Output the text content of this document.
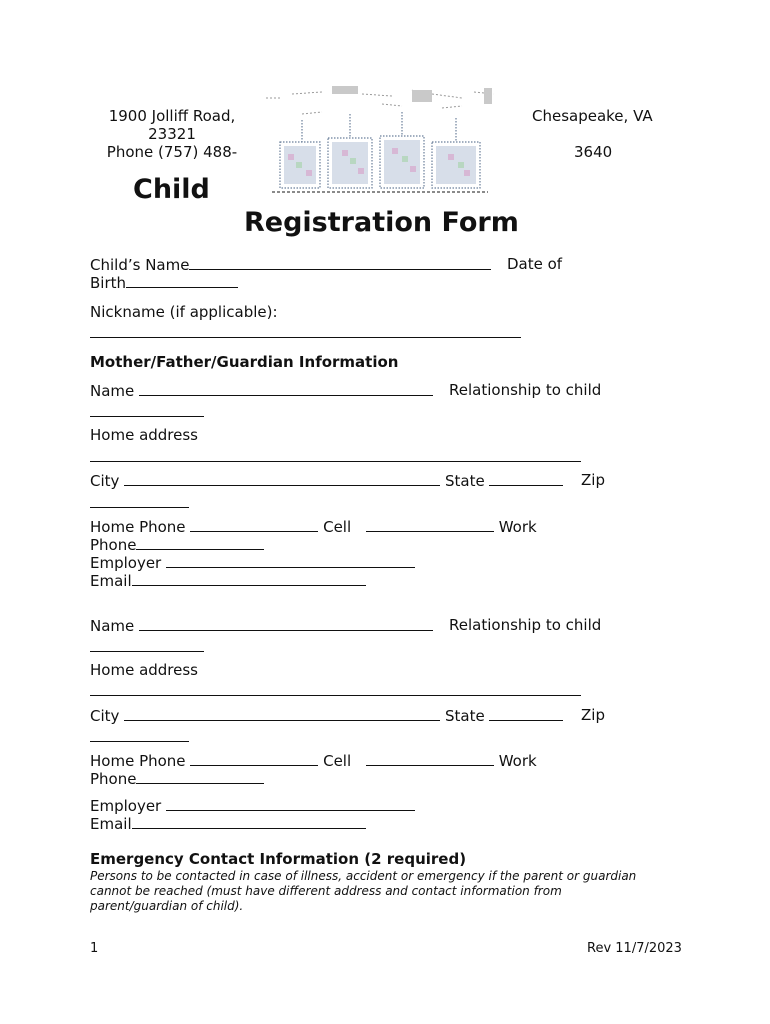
1900 Jolliff Road,
23321
Phone (757) 488-
Chesapeake, VA
3640
Child
Registration Form
Child’s Name	Date of
Birth
Nickname (if applicable):
Mother/Father/Guardian Information
Name	Relationship to child
Home address
City	State	Zip
Home Phone	Cell	Work
Phone
Employer
Email
Name	Relationship to child
Home address
City	State	Zip
Home Phone	Cell	Work
Phone
Employer
Email
Emergency Contact Information (2 required)
Persons to be contacted in case of illness, accident or emergency if the parent or guardian
cannot be reached (must have different address and contact information from
parent/guardian of child).
1	Rev 11/7/2023
